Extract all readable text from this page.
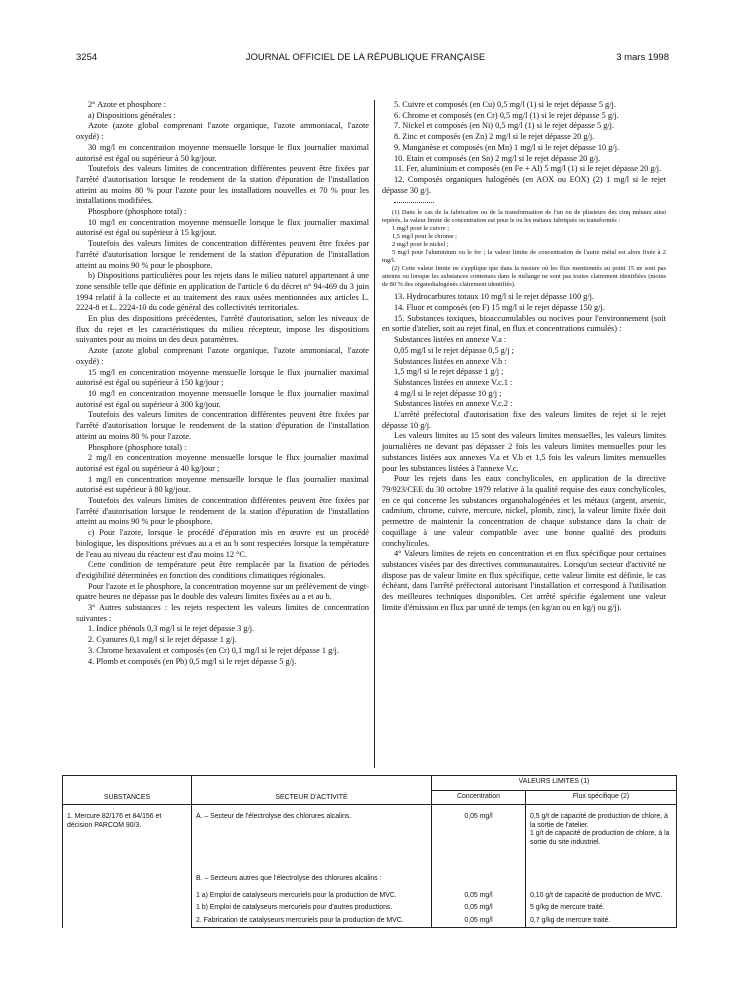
3254	JOURNAL OFFICIEL DE LA RÉPUBLIQUE FRANÇAISE	3 mars 1998

2° Azote et phosphore :

a) Dispositions générales :

Azote (azote global comprenant l'azote organique, l'azote ammoniacal, l'azote oxydé) :

30 mg/l en concentration moyenne mensuelle lorsque le flux journalier maximal autorisé est égal ou supérieur à 50 kg/jour.

Toutefois des valeurs limites de concentration différentes peuvent être fixées par l'arrêté d'autorisation lorsque le rendement de la station d'épuration de l'installation atteint au moins 80 % pour l'azote pour les installations nouvelles et 70 % pour les installations modifiées.

Phosphore (phosphore total) :

10 mg/l en concentration moyenne mensuelle lorsque le flux journalier maximal autorisé est égal ou supérieur à 15 kg/jour.

Toutefois des valeurs limites de concentration différentes peuvent être fixées par l'arrêté d'autorisation lorsque le rendement de la station d'épuration de l'installation atteint au moins 90 % pour le phosphore.

b) Dispositions particulières pour les rejets dans le milieu naturel appartenant à une zone sensible telle que définie en application de l'article 6 du décret n° 94-469 du 3 juin 1994 relatif à la collecte et au traitement des eaux usées mentionnées aux articles L. 2224-8 et L. 2224-10 du code général des collectivités territoriales.

En plus des dispositions précédentes, l'arrêté d'autorisation, selon les niveaux de flux du rejet et les caractéristiques du milieu récepteur, impose les dispositions suivantes pour au moins un des deux paramètres.

Azote (azote global comprenant l'azote organique, l'azote ammoniacal, l'azote oxydé) :

15 mg/l en concentration moyenne mensuelle lorsque le flux journalier maximal autorisé est égal ou supérieur à 150 kg/jour ;

10 mg/l en concentration moyenne mensuelle lorsque le flux journalier maximal autorisé est égal ou supérieur à 300 kg/jour.

Toutefois des valeurs limites de concentration différentes peuvent être fixées par l'arrêté d'autorisation lorsque le rendement de la station d'épuration de l'installation atteint au moins 80 % pour l'azote.

Phosphore (phosphore total) :

2 mg/l en concentration moyenne mensuelle lorsque le flux journalier maximal autorisé est égal ou supérieur à 40 kg/jour ;

1 mg/l en concentration moyenne mensuelle lorsque le flux journalier maximal autorisé est supérieur à 80 kg/jour.

Toutefois des valeurs limites de concentration différentes peuvent être fixées par l'arrêté d'autorisation lorsque le rendement de la station d'épuration de l'installation atteint au moins 90 % pour le phosphore.

c) Pour l'azote, lorsque le procédé d'épuration mis en œuvre est un procédé biologique, les dispositions prévues au a et au b sont respectées lorsque la température de l'eau au niveau du réacteur est d'au moins 12 °C.

Cette condition de température peut être remplacée par la fixation de périodes d'exigibilité déterminées en fonction des conditions climatiques régionales.

Pour l'azote et le phosphore, la concentration moyenne sur un prélèvement de vingt-quatre heures ne dépasse pas le double des valeurs limites fixées au a et au b.

3° Autres substances : les rejets respectent les valeurs limites de concentration suivantes :

1. Indice phénols 0,3 mg/l si le rejet dépasse 3 g/j.

2. Cyanures 0,1 mg/l si le rejet dépasse 1 g/j.

3. Chrome hexavalent et composés (en Cr) 0,1 mg/l si le rejet dépasse 1 g/j.

4. Plomb et composés (en Pb) 0,5 mg/l si le rejet dépasse 5 g/j.

5. Cuivre et composés (en Cu) 0,5 mg/l (1) si le rejet dépasse 5 g/j.

6. Chrome et composés (en Cr) 0,5 mg/l (1) si le rejet dépasse 5 g/j.

7. Nickel et composés (en Ni) 0,5 mg/l (1) si le rejet dépasse 5 g/j.

8. Zinc et composés (en Zn) 2 mg/l si le rejet dépasse 20 g/j.

9. Manganèse et composés (en Mn) 1 mg/l si le rejet dépasse 10 g/j.

10. Etain et composés (en Sn) 2 mg/l si le rejet dépasse 20 g/j.

11. Fer, aluminium et composés (en Fe + Al) 5 mg/l (1) si le rejet dépasse 20 g/j.

12. Composés organiques halogénés (en AOX ou EOX) (2) 1 mg/l si le rejet dépasse 30 g/j.

(1) Dans le cas de la fabrication ou de la transformation de l'un ou de plusieurs des cinq métaux ainsi repérés, la valeur limite de concentration est pour le ou les métaux fabriqués ou transformés :

1 mg/l pour le cuivre ;

1,5 mg/l pour le chrome ;

2 mg/l pour le nickel ;

5 mg/l pour l'aluminium ou le fer ; la valeur limite de concentration de l'autre métal est alors fixée à 2 mg/l.

(2) Cette valeur limite ne s'applique que dans la mesure où les flux mentionnés au point 15 ne sont pas atteints ou lorsque les substances contenues dans le mélange ne sont pas toutes clairement identifiées (moins de 80 % des organohalogénés clairement identifiés).

13. Hydrocarbures totaux 10 mg/l si le rejet dépasse 100 g/j.

14. Fluor et composés (en F) 15 mg/l si le rejet dépasse 150 g/j.

15. Substances toxiques, bioaccumulables ou nocives pour l'environnement (soit en sortie d'atelier, soit au rejet final, en flux et concentrations cumulés) :

Substances listées en annexe V.a :

0,05 mg/l si le rejet dépasse 0,5 g/j ;

Substances listées en annexe V.b :

1,5 mg/l si le rejet dépasse 1 g/j ;

Substances listées en annexe V.c.1 :

4 mg/l si le rejet dépasse 10 g/j ;

Substances listées en annexe V.c.2 :

L'arrêté préfectoral d'autorisation fixe des valeurs limites de rejet si le rejet dépasse 10 g/j.

Les valeurs limites au 15 sont des valeurs limites mensuelles, les valeurs limites journalières ne devant pas dépasser 2 fois les valeurs limites mensuelles pour les substances listées aux annexes V.a et V.b et 1,5 fois les valeurs limites mensuelles pour les substances listées à l'annexe V.c.

Pour les rejets dans les eaux conchylicoles, en application de la directive 79/923/CEE du 30 octobre 1979 relative à la qualité requise des eaux conchylicoles, en ce qui concerne les substances organohalogénées et les métaux (argent, arsenic, cadmium, chrome, cuivre, mercure, nickel, plomb, zinc), la valeur limite fixée doit permettre de maintenir la concentration de chaque substance dans la chair de coquillage à une valeur compatible avec une bonne qualité des produits conchylicoles.

4° Valeurs limites de rejets en concentration et en flux spécifique pour certaines substances visées par des directives communautaires. Lorsqu'un secteur d'activité ne dispose pas de valeur limite en flux spécifique, cette valeur limite est définie, le cas échéant, dans l'arrêté préfectoral autorisant l'installation et correspond à l'utilisation des meilleures techniques disponibles. Cet arrêté spécifie également une valeur limite d'émission en flux par unité de temps (en kg/an ou en kg/j ou g/j).

SUBSTANCES	SECTEUR D'ACTIVITÉ	VALEURS LIMITES (1)	
		Concentration	Flux spécifique (2)
1. Mercure 82/176 et 84/156 et décision PARCOM 90/3.	A. – Secteur de l'électrolyse des chlorures alcalins.	0,05 mg/l	0,5 g/t de capacité de production de chlore, à la sortie de l'atelier.
1 g/t de capacité de production de chlore, à la sortie du site industriel.

	B. – Secteurs autres que l'électrolyse des chlorures alcalins :		
	1 a) Emploi de catalyseurs mercuriels pour la production de MVC.	0,05 mg/l	0,10 g/t de capacité de production de MVC.
	1 b) Emploi de catalyseurs mercuriels pour d'autres productions.	0,05 mg/l	5 g/kg de mercure traité.
	2. Fabrication de catalyseurs mercuriels pour la production de MVC.	0,05 mg/l	0,7 g/kg de mercure traité.
